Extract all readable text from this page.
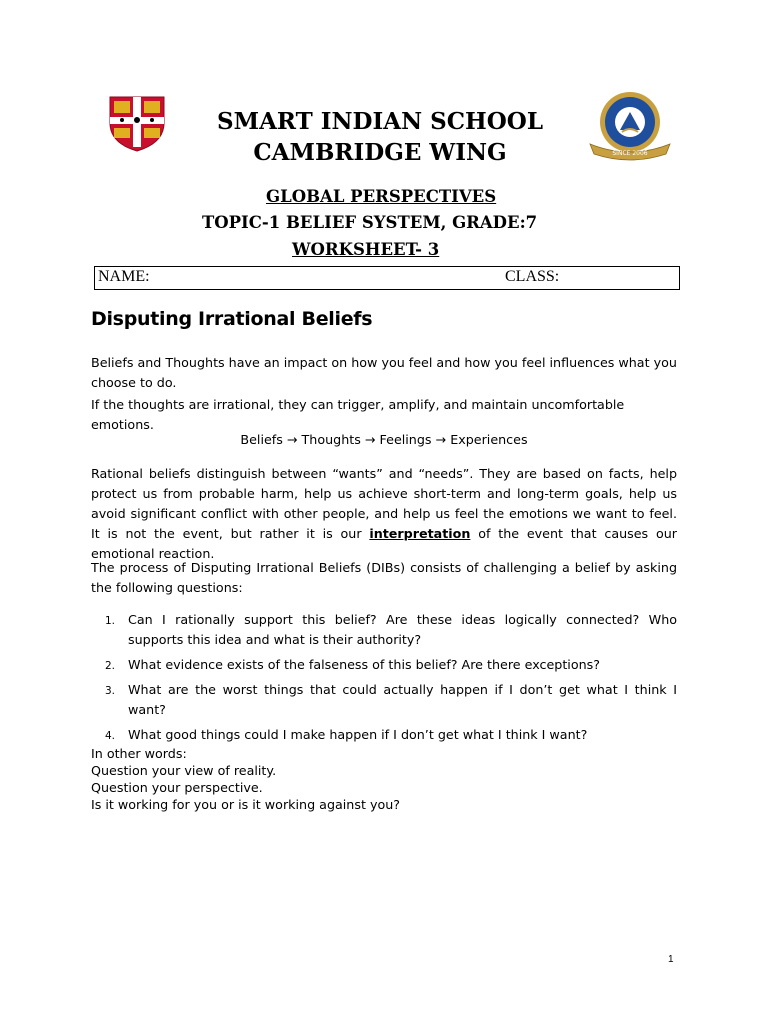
SMART INDIAN SCHOOL
CAMBRIDGE WING	SINCE 2006
GLOBAL PERSPECTIVES
TOPIC-1 BELIEF SYSTEM, GRADE:7
WORKSHEET- 3
NAME:	CLASS:
Disputing Irrational Beliefs
Beliefs and Thoughts have an impact on how you feel and how you feel influences what you choose to do.
If the thoughts are irrational, they can trigger, amplify, and maintain uncomfortable emotions.
Beliefs → Thoughts → Feelings → Experiences
Rational beliefs distinguish between “wants” and “needs”. They are based on facts, help protect us from probable harm, help us achieve short-term and long-term goals, help us avoid significant conflict with other people, and help us feel the emotions we want to feel. It is not the event, but rather it is our interpretation of the event that causes our emotional reaction.
The process of Disputing Irrational Beliefs (DIBs) consists of challenging a belief by asking the following questions:
1. Can I rationally support this belief? Are these ideas logically connected? Who supports this idea and what is their authority?
2. What evidence exists of the falseness of this belief? Are there exceptions?
3. What are the worst things that could actually happen if I don’t get what I think I want?
4. What good things could I make happen if I don’t get what I think I want?
In other words:
Question your view of reality.
Question your perspective.
Is it working for you or is it working against you?
1
